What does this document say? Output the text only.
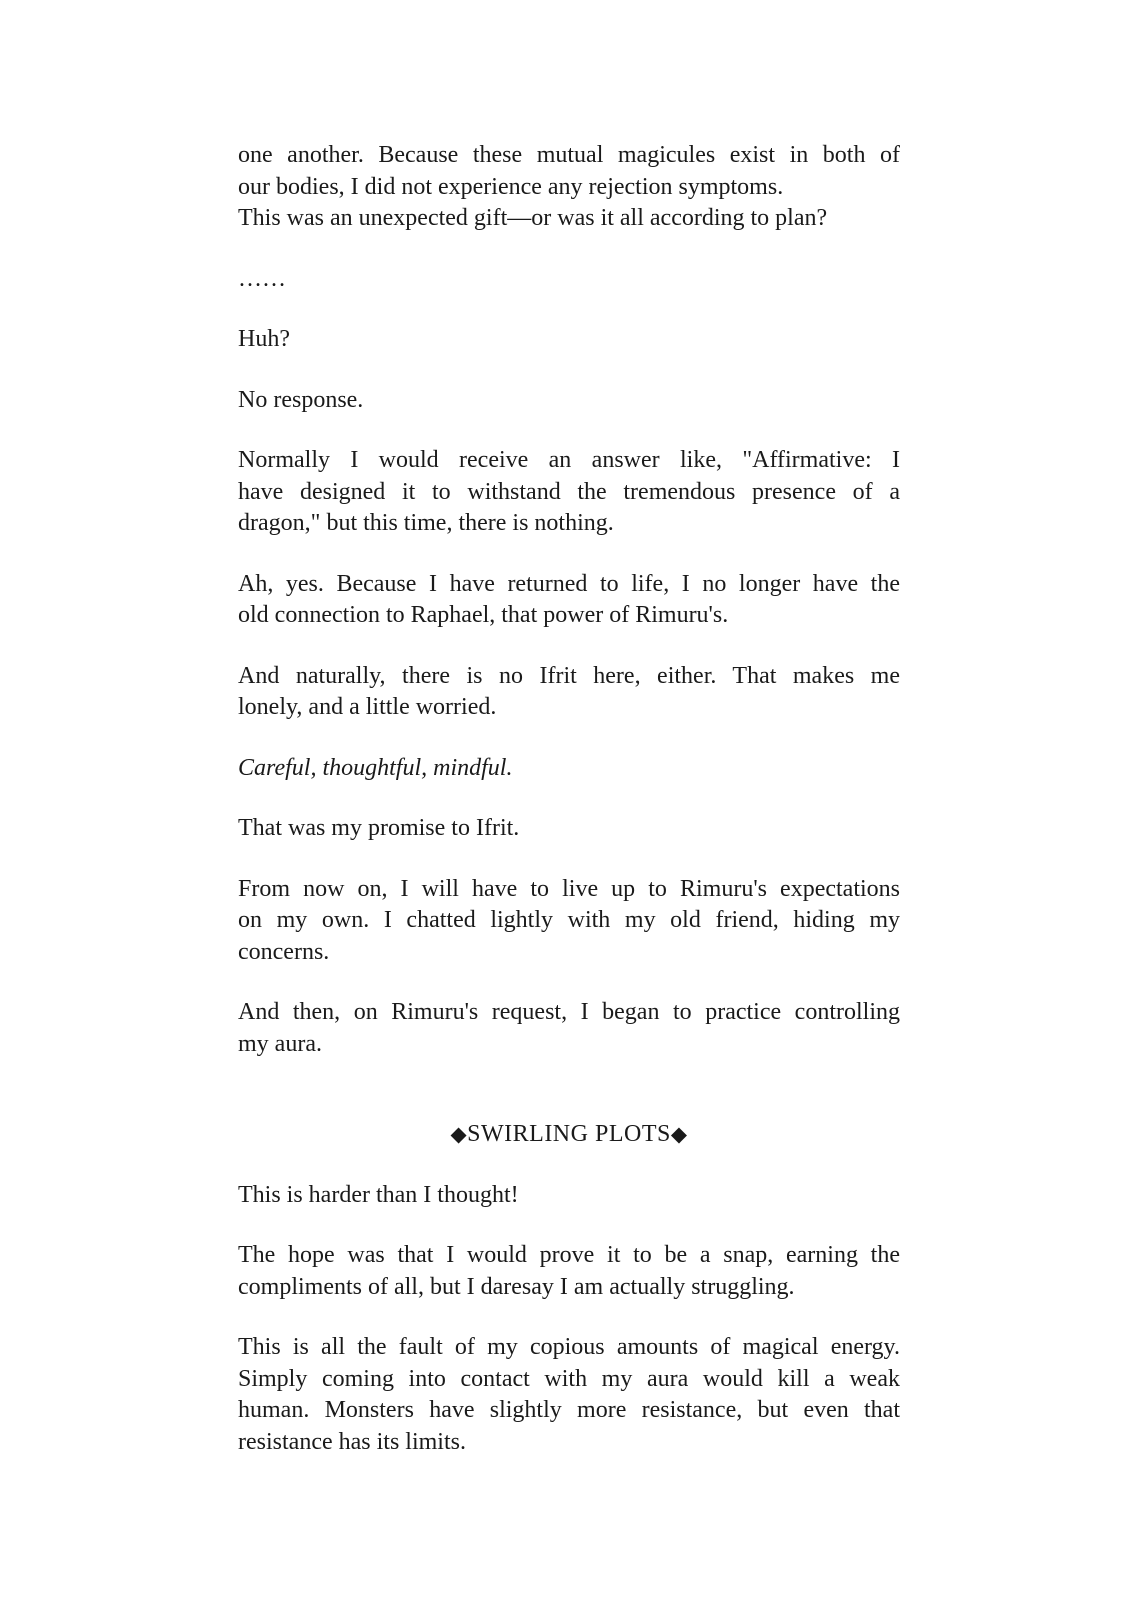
one another. Because these mutual magicules exist in both of
our bodies, I did not experience any rejection symptoms.
This was an unexpected gift—or was it all according to plan?
……
Huh?
No response.
Normally I would receive an answer like, "Affirmative: I
have designed it to withstand the tremendous presence of a
dragon," but this time, there is nothing.
Ah, yes. Because I have returned to life, I no longer have the
old connection to Raphael, that power of Rimuru's.
And naturally, there is no Ifrit here, either. That makes me
lonely, and a little worried.
Careful, thoughtful, mindful.
That was my promise to Ifrit.
From now on, I will have to live up to Rimuru's expectations
on my own. I chatted lightly with my old friend, hiding my
concerns.
And then, on Rimuru's request, I began to practice controlling
my aura.
◆SWIRLING PLOTS◆
This is harder than I thought!
The hope was that I would prove it to be a snap, earning the
compliments of all, but I daresay I am actually struggling.
This is all the fault of my copious amounts of magical energy.
Simply coming into contact with my aura would kill a weak
human. Monsters have slightly more resistance, but even that
resistance has its limits.
